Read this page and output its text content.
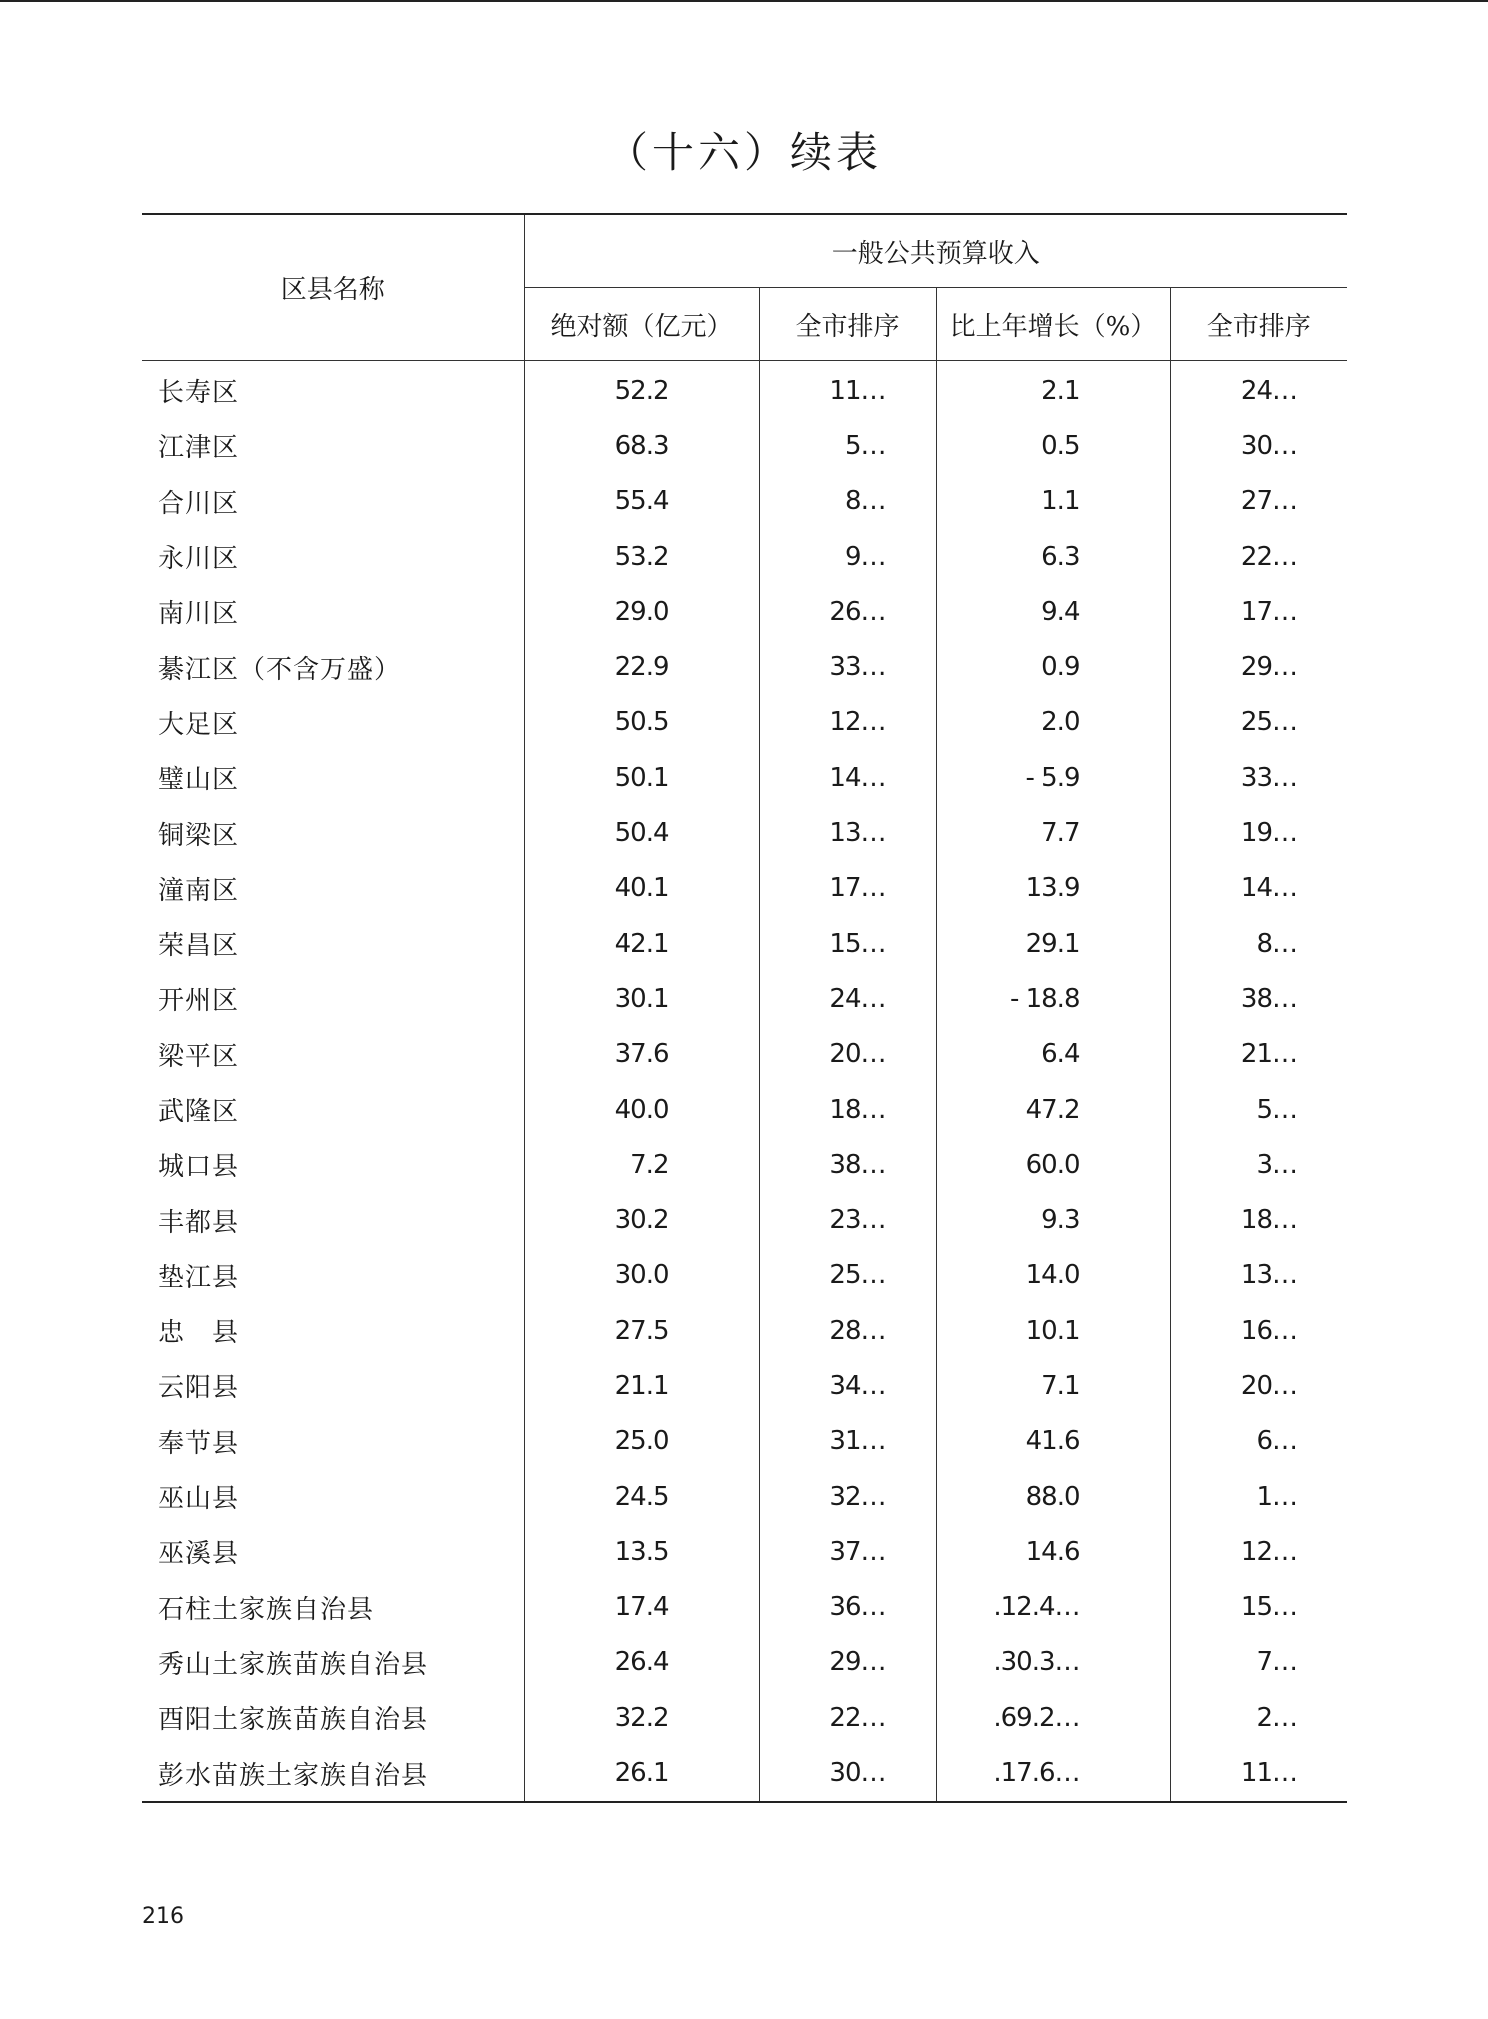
（十六）续表
区县名称	一般公共预算收入			
	绝对额（亿元）	全市排序	比上年增长（%）	全市排序
长寿区	52.2	11…	2.1	24…
江津区	68.3	5…	0.5	30…
合川区	55.4	8…	1.1	27…
永川区	53.2	9…	6.3	22…
南川区	29.0	26…	9.4	17…
綦江区（不含万盛）	22.9	33…	0.9	29…
大足区	50.5	12…	2.0	25…
璧山区	50.1	14…	- 5.9	33…
铜梁区	50.4	13…	7.7	19…
潼南区	40.1	17…	13.9	14…
荣昌区	42.1	15…	29.1	8…
开州区	30.1	24…	- 18.8	38…
梁平区	37.6	20…	6.4	21…
武隆区	40.0	18…	47.2	5…
城口县	7.2	38…	60.0	3…
丰都县	30.2	23…	9.3	18…
垫江县	30.0	25…	14.0	13…
忠　县	27.5	28…	10.1	16…
云阳县	21.1	34…	7.1	20…
奉节县	25.0	31…	41.6	6…
巫山县	24.5	32…	88.0	1…
巫溪县	13.5	37…	14.6	12…
石柱土家族自治县	17.4	36…	.12.4…	15…
秀山土家族苗族自治县	26.4	29…	.30.3…	7…
酉阳土家族苗族自治县	32.2	22…	.69.2…	2…
彭水苗族土家族自治县	26.1	30…	.17.6…	11…
216
